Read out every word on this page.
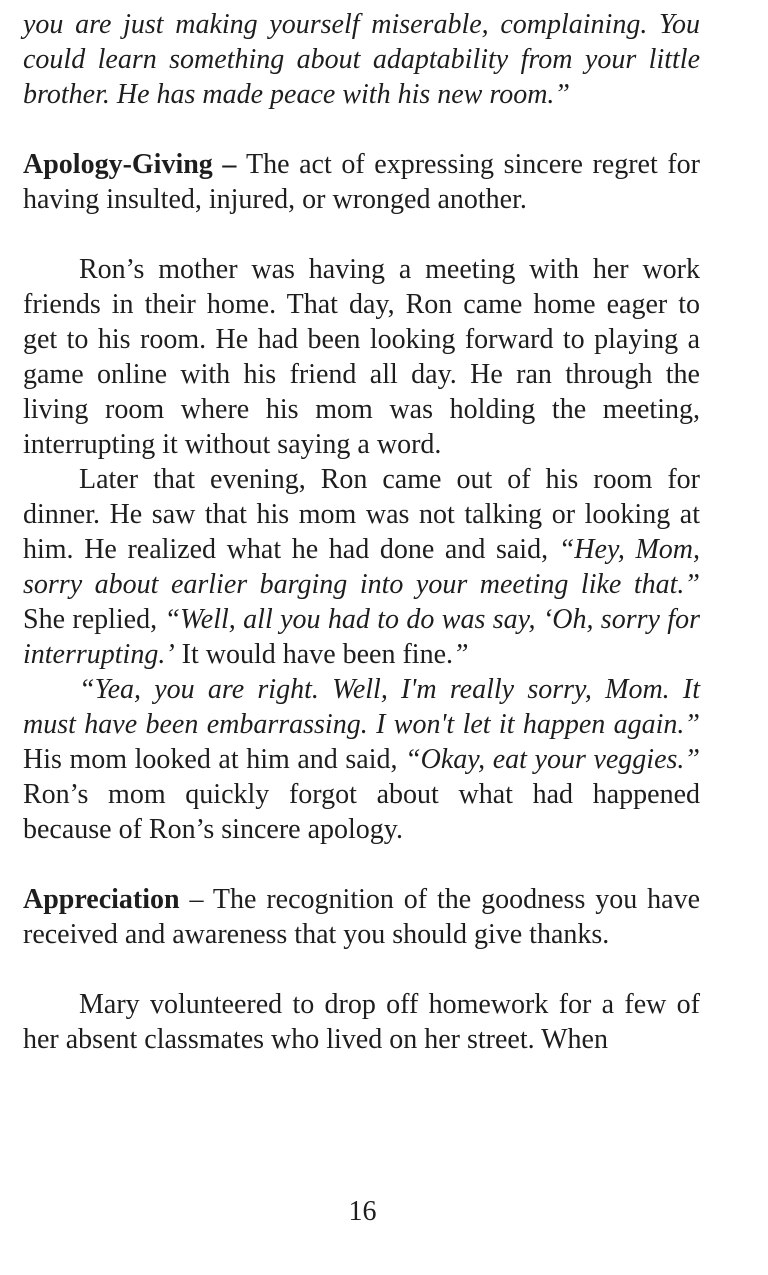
you are just making yourself miserable, complaining. You could learn something about adaptability from your little brother. He has made peace with his new room.”

Apology-Giving – The act of expressing sincere regret for having insulted, injured, or wronged another.

Ron’s mother was having a meeting with her work friends in their home. That day, Ron came home eager to get to his room. He had been looking forward to playing a game online with his friend all day. He ran through the living room where his mom was holding the meeting, interrupting it without saying a word.

Later that evening, Ron came out of his room for dinner. He saw that his mom was not talking or looking at him. He realized what he had done and said, “Hey, Mom, sorry about earlier barging into your meeting like that.” She replied, “Well, all you had to do was say, ‘Oh, sorry for interrupting.’ It would have been fine.”

“Yea, you are right. Well, I'm really sorry, Mom. It must have been embarrassing. I won't let it happen again.” His mom looked at him and said, “Okay, eat your veggies.” Ron’s mom quickly forgot about what had happened because of Ron’s sincere apology.

Appreciation – The recognition of the goodness you have received and awareness that you should give thanks.

Mary volunteered to drop off homework for a few of her absent classmates who lived on her street. When

16
